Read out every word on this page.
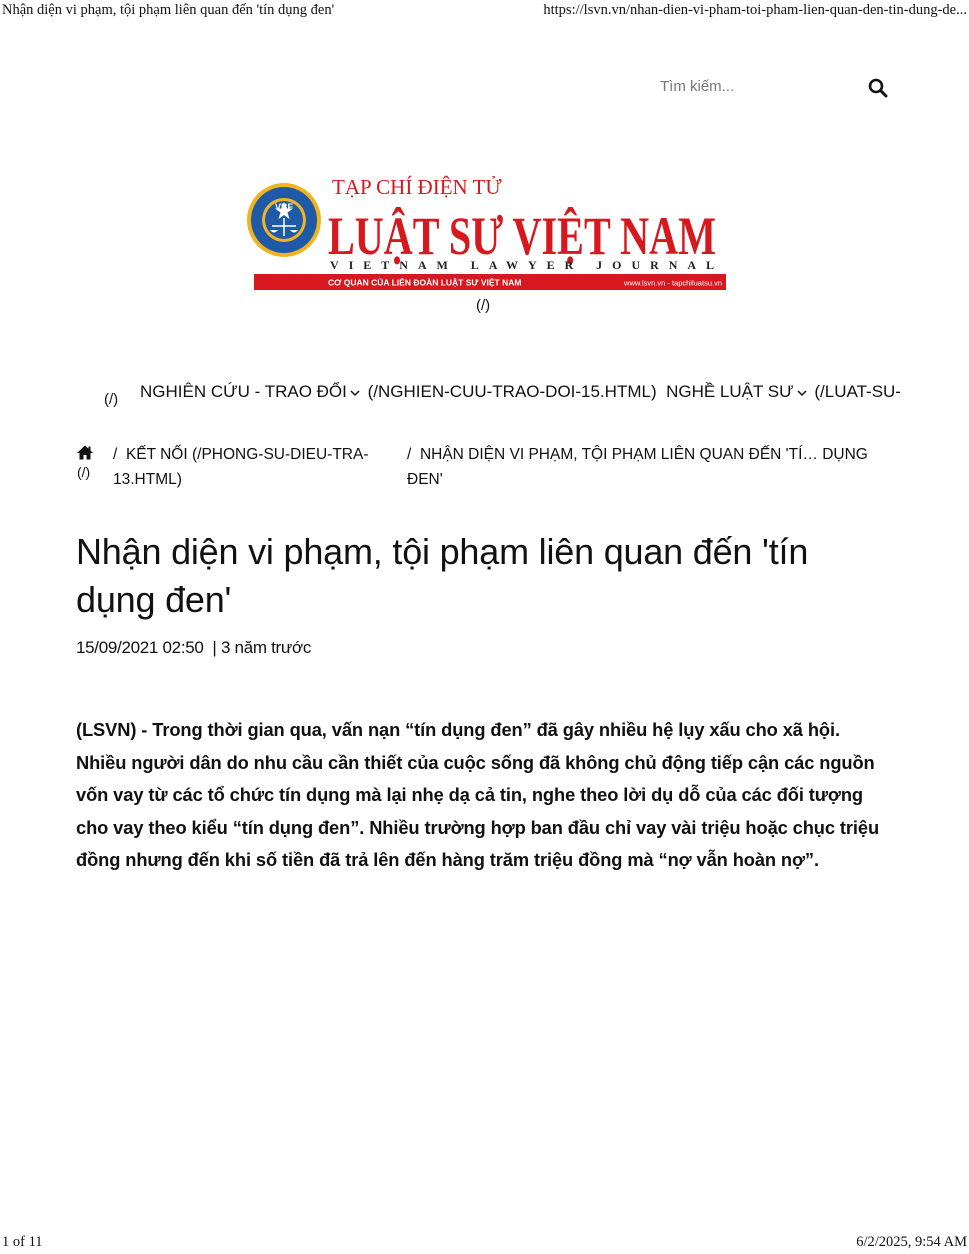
Nhận diện vi phạm, tội phạm liên quan đến 'tín dụng đen'	https://lsvn.vn/nhan-dien-vi-pham-toi-pham-lien-quan-den-tin-dung-de...
Tìm kiếm...
VBF
TẠP CHÍ ĐIỆN TỬ
LUẬT SƯ VIỆT NAM
VIETNAM LAWYER JOURNAL
CƠ QUAN CỦA LIÊN ĐOÀN LUẬT SƯ VIỆT NAM	www.lsvn.vn - tapchiluatsu.vn
(/)
(/) NGHIÊN CỨU - TRAO ĐỔI (/NGHIEN-CUU-TRAO-DOI-15.HTML) NGHỀ LUẬT SƯ (/LUAT-SU-
(/)
/ KẾT NỐI (/PHONG-SU-DIEU-TRA-13.HTML)
/ NHẬN DIỆN VI PHẠM, TỘI PHẠM LIÊN QUAN ĐẾN 'TÍ… DỤNG ĐEN'
Nhận diện vi phạm, tội phạm liên quan đến 'tín dụng đen'
15/09/2021 02:50 | 3 năm trước
(LSVN) - Trong thời gian qua, vấn nạn “tín dụng đen” đã gây nhiều hệ lụy xấu cho xã hội. Nhiều người dân do nhu cầu cần thiết của cuộc sống đã không chủ động tiếp cận các nguồn vốn vay từ các tổ chức tín dụng mà lại nhẹ dạ cả tin, nghe theo lời dụ dỗ của các đối tượng cho vay theo kiểu “tín dụng đen”. Nhiều trường hợp ban đầu chỉ vay vài triệu hoặc chục triệu đồng nhưng đến khi số tiền đã trả lên đến hàng trăm triệu đồng mà “nợ vẫn hoàn nợ”.
1 of 11	6/2/2025, 9:54 AM
